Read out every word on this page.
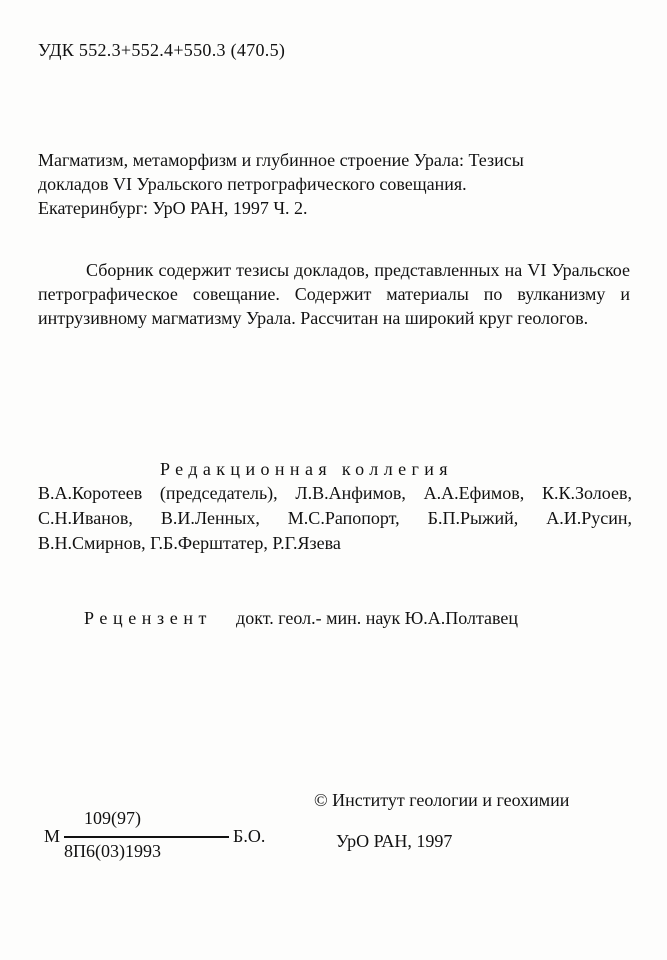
УДК 552.3+552.4+550.3 (470.5)
Магматизм, метаморфизм и глубинное строение Урала: Тезисы
докладов VI Уральского петрографического совещания.
Екатеринбург: УрО РАН, 1997 Ч. 2.
Сборник содержит тезисы докладов, представленных на VI Уральское петрографическое совещание. Содержит материалы по вулканизму и интрузивному магматизму Урала. Рассчитан на широкий круг геологов.
Редакционная коллегия
В.А.Коротеев (председатель), Л.В.Анфимов, А.А.Ефимов, К.К.Золоев, С.Н.Иванов, В.И.Ленных, М.С.Рапопорт, Б.П.Рыжий, А.И.Русин, В.Н.Смирнов, Г.Б.Ферштатер, Р.Г.Язева
Рецензент докт. геол.- мин. наук Ю.А.Полтавец
© Институт геологии и геохимии
М
109(97)
8П6(03)1993
Б.О.	УрО РАН, 1997
